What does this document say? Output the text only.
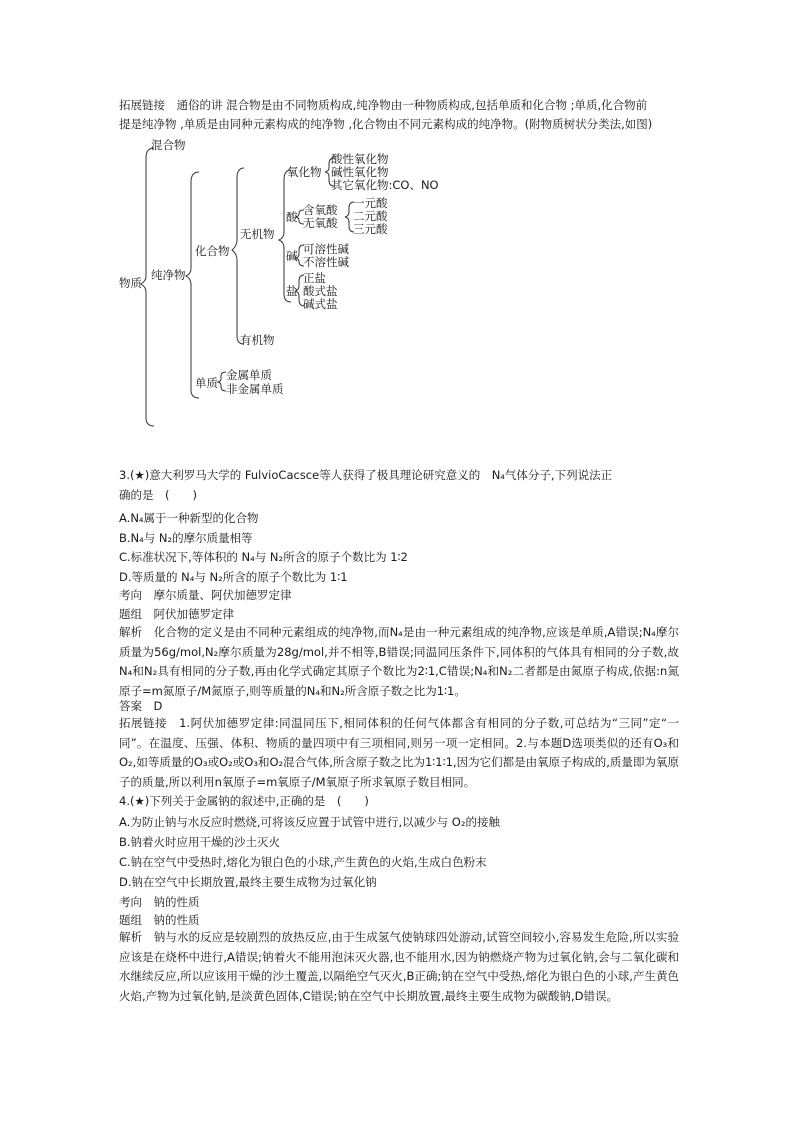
拓展链接　通俗的讲 混合物是由不同物质构成,纯净物由一种物质构成,包括单质和化合物 ;单质,化合物前
提是纯净物 ,单质是由同种元素构成的纯净物 ,化合物由不同元素构成的纯净物。(附物质树状分类法,如图)
物质
混合物
纯净物
化合物
单质
无机物
有机物
氧化物
酸性氧化物
碱性氧化物
其它氧化物:CO、NO
酸 含氧酸
无氧酸
一元酸
二元酸
三元酸
碱 可溶性碱
不溶性碱
盐
正盐
酸式盐
碱式盐
金属单质
非金属单质
3.(★)意大利罗马大学的 FulvioCacsce等人获得了极具理论研究意义的　N₄气体分子,下列说法正
确的是　(　　)
A.N₄属于一种新型的化合物
B.N₄与 N₂的摩尔质量相等
C.标准状况下,等体积的 N₄与 N₂所含的原子个数比为 1∶2
D.等质量的 N₄与 N₂所含的原子个数比为 1∶1
考向　摩尔质量、阿伏加德罗定律
题组　阿伏加德罗定律
解析　化合物的定义是由不同种元素组成的纯净物,而N₄是由一种元素组成的纯净物,应该是单质,A错误;N₄摩尔质量为56g/mol,N₂摩尔质量为28g/mol,并不相等,B错误;同温同压条件下,同体积的气体具有相同的分子数,故N₄和N₂具有相同的分子数,再由化学式确定其原子个数比为2∶1,C错误;N₄和N₂二者都是由氮原子构成,依据:n氮原子=m氮原子/M氮原子,则等质量的N₄和N₂所含原子数之比为1∶1。
答案　D
拓展链接　1.阿伏加德罗定律:同温同压下,相同体积的任何气体都含有相同的分子数,可总结为“三同”定“一同”。在温度、压强、体积、物质的量四项中有三项相同,则另一项一定相同。2.与本题D选项类似的还有O₃和O₂,如等质量的O₃或O₂或O₃和O₂混合气体,所含原子数之比为1∶1∶1,因为它们都是由氧原子构成的,质量即为氧原子的质量,所以利用n氧原子=m氧原子/M氧原子所求氧原子数目相同。
4.(★)下列关于金属钠的叙述中,正确的是　(　　)
A.为防止钠与水反应时燃烧,可将该反应置于试管中进行,以减少与 O₂的接触
B.钠着火时应用干燥的沙土灭火
C.钠在空气中受热时,熔化为银白色的小球,产生黄色的火焰,生成白色粉末
D.钠在空气中长期放置,最终主要生成物为过氧化钠
考向　钠的性质
题组　钠的性质
解析　钠与水的反应是较剧烈的放热反应,由于生成氢气使钠球四处游动,试管空间较小,容易发生危险,所以实验应该是在烧杯中进行,A错误;钠着火不能用泡沫灭火器,也不能用水,因为钠燃烧产物为过氧化钠,会与二氧化碳和水继续反应,所以应该用干燥的沙土覆盖,以隔绝空气灭火,B正确;钠在空气中受热,熔化为银白色的小球,产生黄色火焰,产物为过氧化钠,是淡黄色固体,C错误;钠在空气中长期放置,最终主要生成物为碳酸钠,D错误。
